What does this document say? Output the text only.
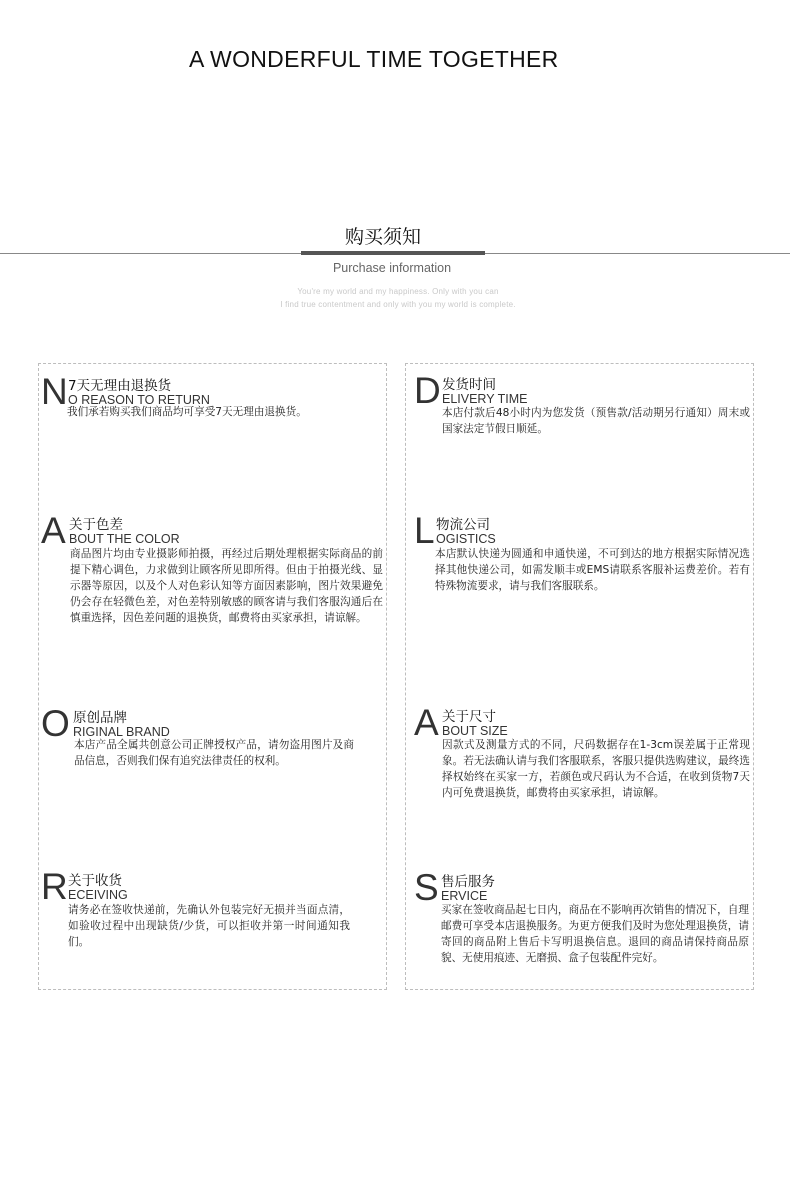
A WONDERFUL TIME TOGETHER
购买须知
Purchase information
You're my world and my happiness. Only with you can
I find true contentment and only with you my world is complete.
N 7天无理由退换货
O REASON TO RETURN
我们承若购买我们商品均可享受7天无理由退换货。
A 关于色差
BOUT THE COLOR
商品图片均由专业摄影师拍摄，再经过后期处理根据实际商品的前提下精心调色，力求做到让顾客所见即所得。但由于拍摄光线、显示器等原因，以及个人对色彩认知等方面因素影响，图片效果避免仍会存在轻微色差，对色差特别敏感的顾客请与我们客服沟通后在慎重选择，因色差问题的退换货，邮费将由买家承担，请谅解。
O 原创品牌
RIGINAL BRAND
本店产品全属共创意公司正牌授权产品，请勿盗用图片及商品信息，否则我们保有追究法律责任的权利。
R 关于收货
ECEIVING
请务必在签收快递前，先确认外包装完好无损并当面点清，如验收过程中出现缺货/少货，可以拒收并第一时间通知我们。
D 发货时间
ELIVERY TIME
本店付款后48小时内为您发货（预售款/活动期另行通知）周末或国家法定节假日顺延。
L 物流公司
OGISTICS
本店默认快递为圆通和申通快递，不可到达的地方根据实际情况选择其他快递公司，如需发顺丰或EMS请联系客服补运费差价。若有特殊物流要求，请与我们客服联系。
A 关于尺寸
BOUT SIZE
因款式及测量方式的不同，尺码数据存在1-3cm误差属于正常现象。若无法确认请与我们客服联系，客服只提供选购建议，最终选择权始终在买家一方，若颜色或尺码认为不合适，在收到货物7天内可免费退换货，邮费将由买家承担，请谅解。
S 售后服务
ERVICE
买家在签收商品起七日内，商品在不影响再次销售的情况下，自理邮费可享受本店退换服务。为更方便我们及时为您处理退换货，请寄回的商品附上售后卡写明退换信息。退回的商品请保持商品原貌、无使用痕迹、无磨损、盒子包装配件完好。
